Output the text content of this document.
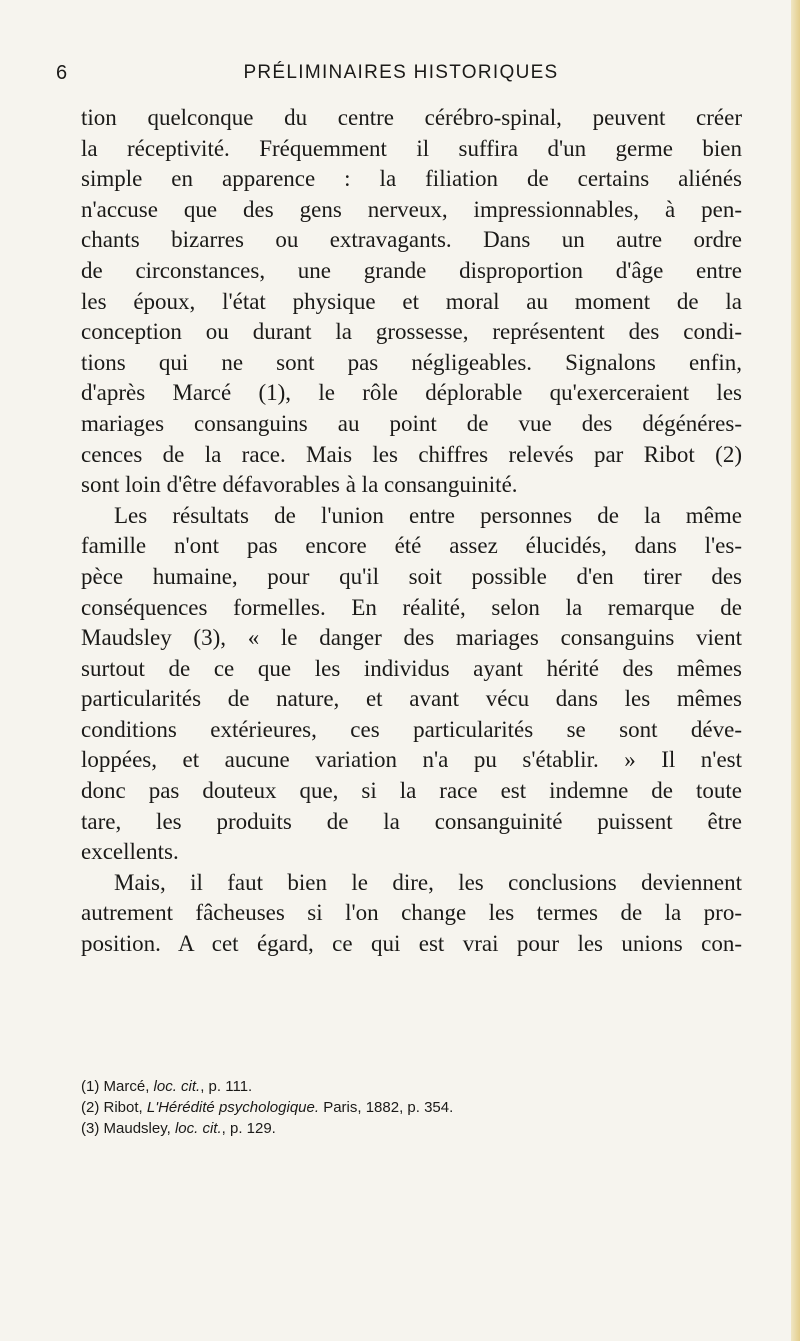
PRÉLIMINAIRES HISTORIQUES
6
tion quelconque du centre cérébro-spinal, peuvent créer
la réceptivité. Fréquemment il suffira d'un germe bien
simple en apparence : la filiation de certains aliénés
n'accuse que des gens nerveux, impressionnables, à pen-
chants bizarres ou extravagants. Dans un autre ordre
de circonstances, une grande disproportion d'âge entre
les époux, l'état physique et moral au moment de la
conception ou durant la grossesse, représentent des condi-
tions qui ne sont pas négligeables. Signalons enfin,
d'après Marcé (1), le rôle déplorable qu'exerceraient les
mariages consanguins au point de vue des dégénéres-
cences de la race. Mais les chiffres relevés par Ribot (2)
sont loin d'être défavorables à la consanguinité.
Les résultats de l'union entre personnes de la même
famille n'ont pas encore été assez élucidés, dans l'es-
pèce humaine, pour qu'il soit possible d'en tirer des
conséquences formelles. En réalité, selon la remarque de
Maudsley (3), « le danger des mariages consanguins vient
surtout de ce que les individus ayant hérité des mêmes
particularités de nature, et avant vécu dans les mêmes
conditions extérieures, ces particularités se sont déve-
loppées, et aucune variation n'a pu s'établir. » Il n'est
donc pas douteux que, si la race est indemne de toute
tare, les produits de la consanguinité puissent être
excellents.
Mais, il faut bien le dire, les conclusions deviennent
autrement fâcheuses si l'on change les termes de la pro-
position. A cet égard, ce qui est vrai pour les unions con-
(1) Marcé, loc. cit., p. 111.
(2) Ribot, L'Hérédité psychologique. Paris, 1882, p. 354.
(3) Maudsley, loc. cit., p. 129.
